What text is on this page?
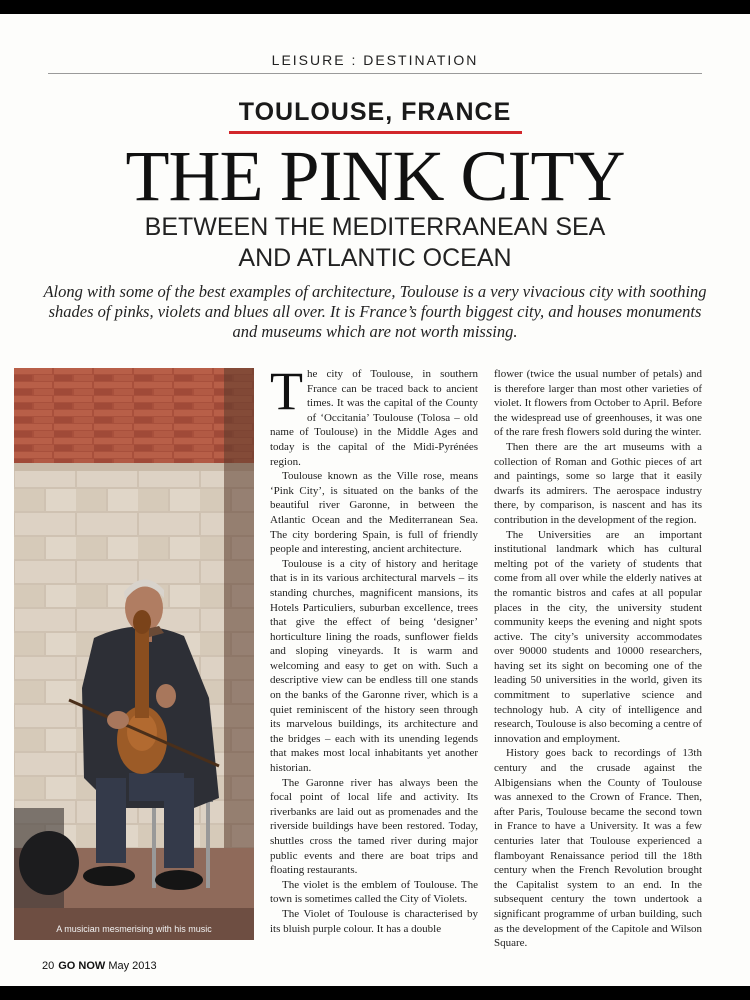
LEISURE : DESTINATION
TOULOUSE, FRANCE
THE PINK CITY
BETWEEN THE MEDITERRANEAN SEA
AND ATLANTIC OCEAN
Along with some of the best examples of architecture, Toulouse is a very vivacious city with soothing shades of pinks, violets and blues all over. It is France’s fourth biggest city, and houses monuments and museums which are not worth missing.
A musician mesmerising with his music

The city of Toulouse, in southern France can be traced back to ancient times. It was the capital of the County of ‘Occitania’ Toulouse (Tolosa – old name of Toulouse) in the Middle Ages and today is the capital of the Midi-Pyrénées region.

Toulouse known as the Ville rose, means ‘Pink City’, is situated on the banks of the beautiful river Garonne, in between the Atlantic Ocean and the Mediterranean Sea. The city bordering Spain, is full of friendly people and interesting, ancient architecture.

Toulouse is a city of history and heritage that is in its various architectural marvels – its standing churches, magnificent mansions, its Hotels Particuliers, suburban excellence, trees that give the effect of being ‘designer’ horticulture lining the roads, sunflower fields and sloping vineyards. It is warm and welcoming and easy to get on with. Such a descriptive view can be endless till one stands on the banks of the Garonne river, which is a quiet reminiscent of the history seen through its marvelous buildings, its architecture and the bridges – each with its unending legends that makes most local inhabitants yet another historian.

The Garonne river has always been the focal point of local life and activity. Its riverbanks are laid out as promenades and the riverside buildings have been restored. Today, shuttles cross the tamed river during major public events and there are boat trips and floating restaurants.

The violet is the emblem of Toulouse. The town is sometimes called the City of Violets.

The Violet of Toulouse is characterised by its bluish purple colour. It has a double

flower (twice the usual number of petals) and is therefore larger than most other varieties of violet. It flowers from October to April. Before the widespread use of greenhouses, it was one of the rare fresh flowers sold during the winter.

Then there are the art museums with a collection of Roman and Gothic pieces of art and paintings, some so large that it easily dwarfs its admirers. The aerospace industry there, by comparison, is nascent and has its contribution in the development of the region.

The Universities are an important institutional landmark which has cultural melting pot of the variety of students that come from all over while the elderly natives at the romantic bistros and cafes at all popular places in the city, the university student community keeps the evening and night spots active. The city’s university accommodates over 90000 students and 10000 researchers, having set its sight on becoming one of the leading 50 universities in the world, given its commitment to superlative science and technology hub. A city of intelligence and research, Toulouse is also becoming a centre of innovation and employment.

History goes back to recordings of 13th century and the crusade against the Albigensians when the County of Toulouse was annexed to the Crown of France. Then, after Paris, Toulouse became the second town in France to have a University. It was a few centuries later that Toulouse experienced a flamboyant Renaissance period till the 18th century when the French Revolution brought the Capitalist system to an end. In the subsequent century the town undertook a significant programme of urban building, such as the development of the Capitole and Wilson Square.

20 GO NOW May 2013
